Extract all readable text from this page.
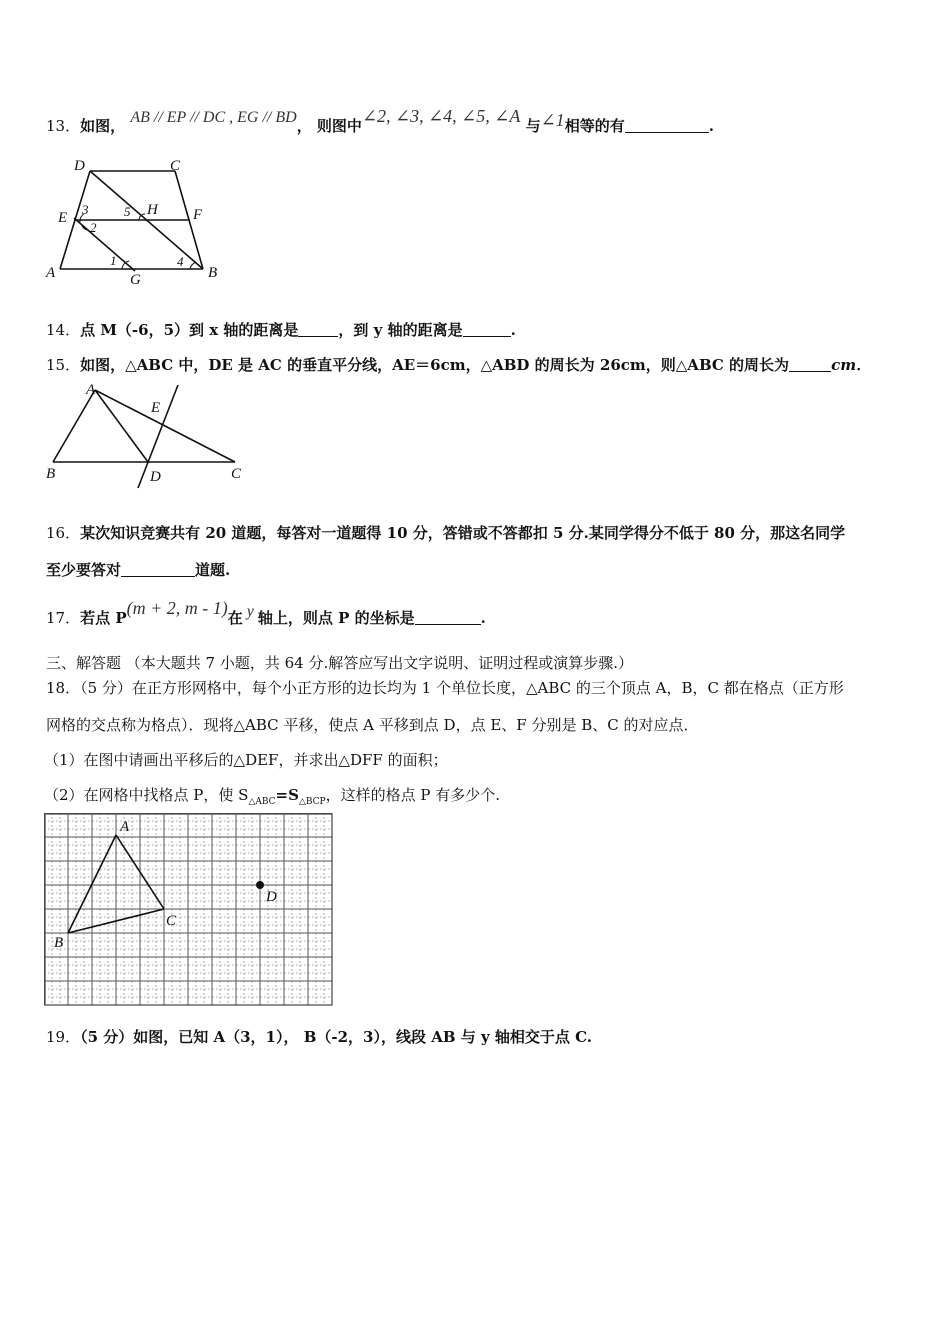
13．如图， AB // EP // DC , EG // BD， 则图中∠2, ∠3, ∠4, ∠5, ∠A 与∠1相等的有	.
D	C
E
3	5 H F
2
A
1	4
B
G
14．点 M（-6，5）到 x 轴的距离是	，到 y 轴的距离是	.
15．如图，△ABC 中，DE 是 AC 的垂直平分线，AE＝6cm，△ABD 的周长为 26cm，则△ABC 的周长为	cm．
A
E
B	D	C
16．某次知识竞赛共有 20 道题，每答对一道题得 10 分，答错或不答都扣 5 分.某同学得分不低于 80 分，那这名同学
至少要答对	道题.
17．若点 P(m + 2, m - 1)在 y 轴上，则点 P 的坐标是	.
三、解答题 （本大题共 7 小题，共 64 分.解答应写出文字说明、证明过程或演算步骤.）
18．（5 分）在正方形网格中，每个小正方形的边长均为 1 个单位长度，△ABC 的三个顶点 A，B，C 都在格点（正方形
网格的交点称为格点）．现将△ABC 平移，使点 A 平移到点 D，点 E、F 分别是 B、C 的对应点．
（1）在图中请画出平移后的△DEF，并求出△DFF 的面积；
（2）在网格中找格点 P，使 $S_{\triangle ABC}=S_{\triangle BCP}$，这样的格点 P 有多少个.
A
D
C
B
19．（5 分）如图，已知 A（3，1）， B（-2，3），线段 AB 与 y 轴相交于点 C.
